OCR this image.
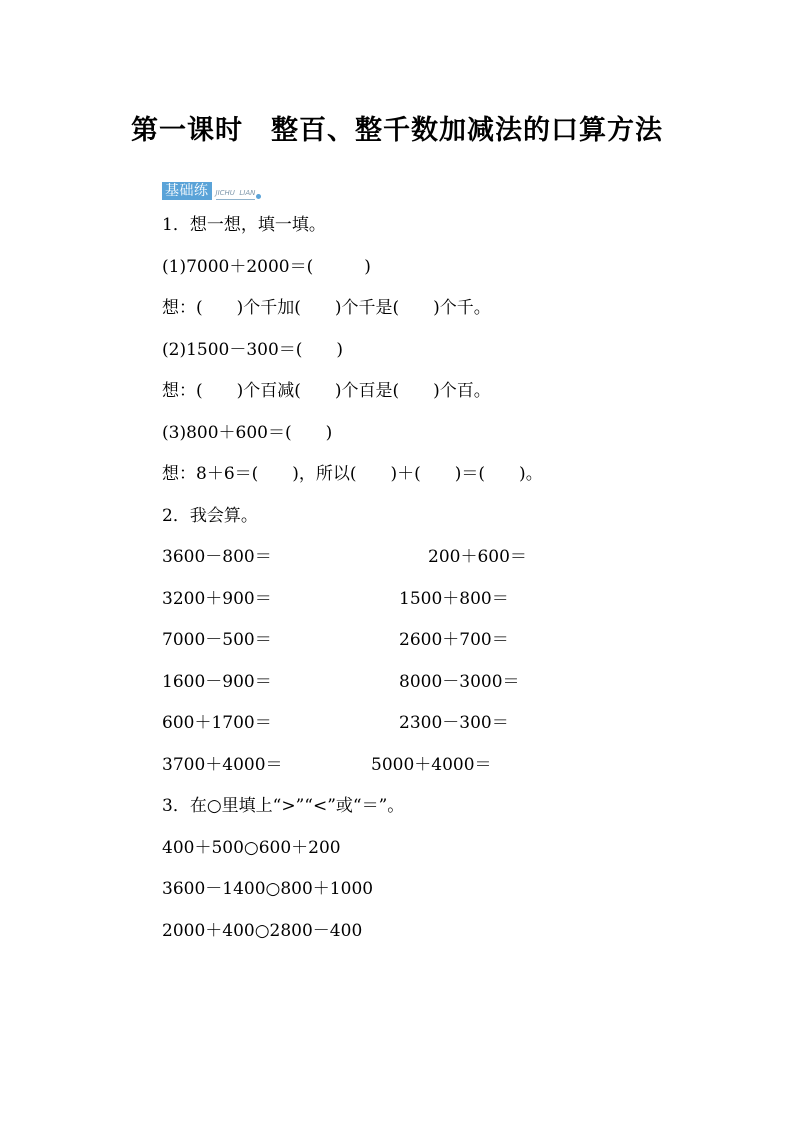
第一课时　整百、整千数加减法的口算方法
基础练	JICHU  LIAN
1．想一想，填一填。
(1)7000＋2000＝(　　　)
想：(　　)个千加(　　)个千是(　　)个千。
(2)1500－300＝(　　)
想：(　　)个百减(　　)个百是(　　)个百。
(3)800＋600＝(　　)
想：8＋6＝(　　)，所以(　　)＋(　　)＝(　　)。
2．我会算。
3600－800＝	200＋600＝
3200＋900＝	1500＋800＝
7000－500＝	2600＋700＝
1600－900＝	8000－3000＝
600＋1700＝	2300－300＝
3700＋4000＝	5000＋4000＝
3．在○里填上“>”“<”或“＝”。
400＋500○600＋200
3600－1400○800＋1000
2000＋400○2800－400
